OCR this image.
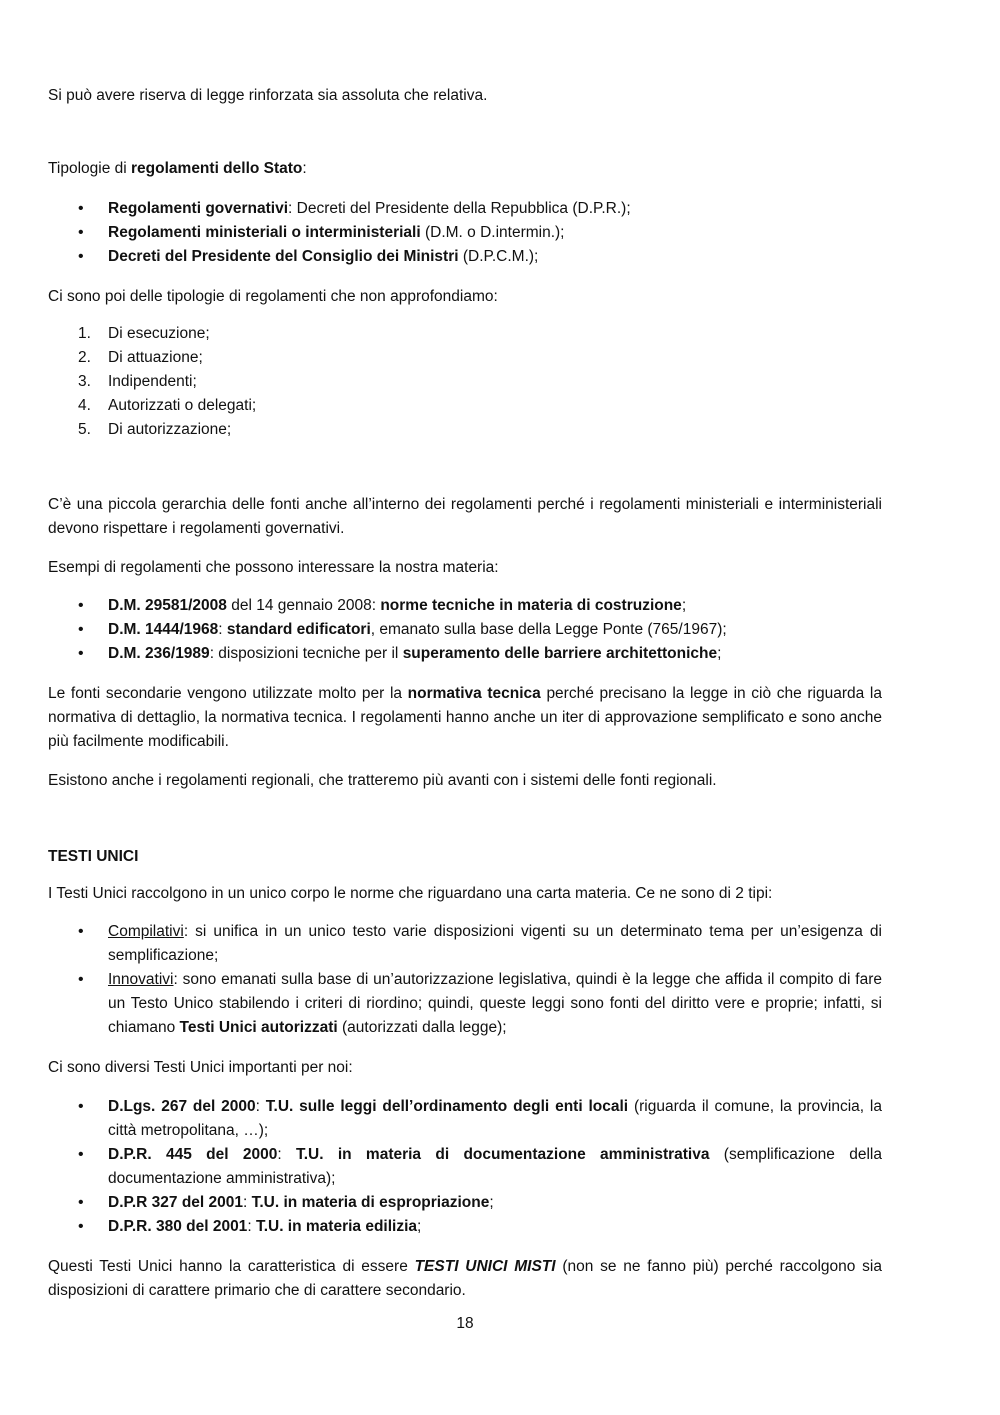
Si può avere riserva di legge rinforzata sia assoluta che relativa.

Tipologie di regolamenti dello Stato:

• Regolamenti governativi: Decreti del Presidente della Repubblica (D.P.R.);
• Regolamenti ministeriali o interministeriali (D.M. o D.intermin.);
• Decreti del Presidente del Consiglio dei Ministri (D.P.C.M.);

Ci sono poi delle tipologie di regolamenti che non approfondiamo:

1. Di esecuzione;
2. Di attuazione;
3. Indipendenti;
4. Autorizzati o delegati;
5. Di autorizzazione;

C’è una piccola gerarchia delle fonti anche all’interno dei regolamenti perché i regolamenti ministeriali e interministeriali devono rispettare i regolamenti governativi.

Esempi di regolamenti che possono interessare la nostra materia:

• D.M. 29581/2008 del 14 gennaio 2008: norme tecniche in materia di costruzione;
• D.M. 1444/1968: standard edificatori, emanato sulla base della Legge Ponte (765/1967);
• D.M. 236/1989: disposizioni tecniche per il superamento delle barriere architettoniche;

Le fonti secondarie vengono utilizzate molto per la normativa tecnica perché precisano la legge in ciò che riguarda la normativa di dettaglio, la normativa tecnica. I regolamenti hanno anche un iter di approvazione semplificato e sono anche più facilmente modificabili.

Esistono anche i regolamenti regionali, che tratteremo più avanti con i sistemi delle fonti regionali.

TESTI UNICI

I Testi Unici raccolgono in un unico corpo le norme che riguardano una carta materia. Ce ne sono di 2 tipi:

• Compilativi: si unifica in un unico testo varie disposizioni vigenti su un determinato tema per un’esigenza di semplificazione;
• Innovativi: sono emanati sulla base di un’autorizzazione legislativa, quindi è la legge che affida il compito di fare un Testo Unico stabilendo i criteri di riordino; quindi, queste leggi sono fonti del diritto vere e proprie; infatti, si chiamano Testi Unici autorizzati (autorizzati dalla legge);

Ci sono diversi Testi Unici importanti per noi:

• D.Lgs. 267 del 2000: T.U. sulle leggi dell’ordinamento degli enti locali (riguarda il comune, la provincia, la città metropolitana, …);
• D.P.R. 445 del 2000: T.U. in materia di documentazione amministrativa (semplificazione della documentazione amministrativa);
• D.P.R 327 del 2001: T.U. in materia di espropriazione;
• D.P.R. 380 del 2001: T.U. in materia edilizia;

Questi Testi Unici hanno la caratteristica di essere TESTI UNICI MISTI (non se ne fanno più) perché raccolgono sia disposizioni di carattere primario che di carattere secondario.

18
